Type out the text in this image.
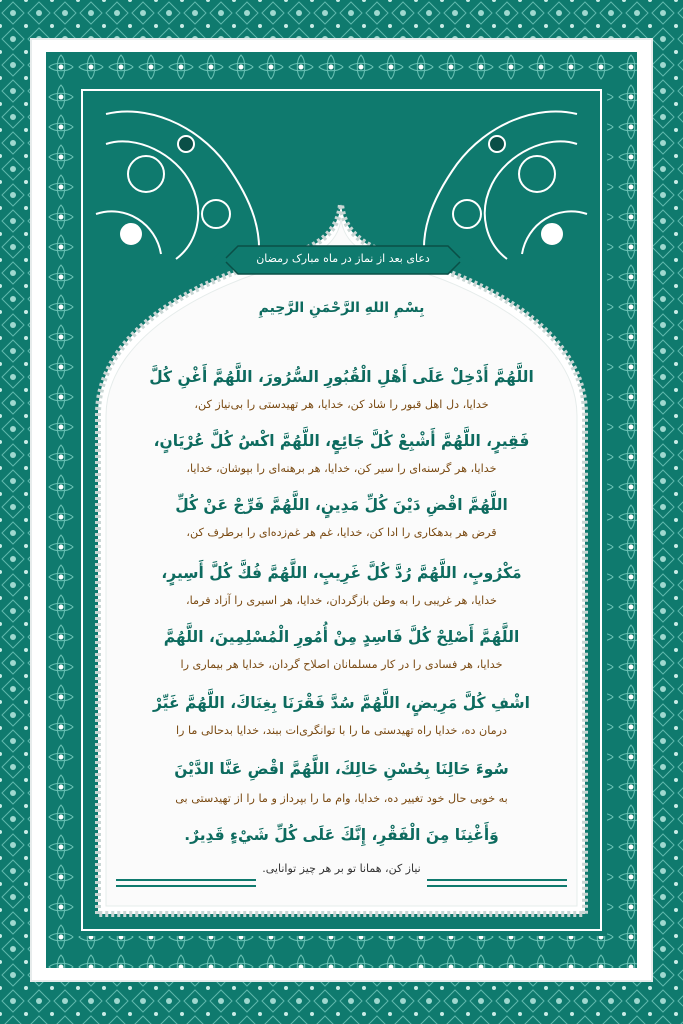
دعای بعد از نماز در ماه مبارک رمضان
بِسْمِ اللهِ الرَّحْمَنِ الرَّحِيمِ
اللَّهُمَّ أَدْخِلْ عَلَى أَهْلِ الْقُبُورِ السُّرُورَ، اللَّهُمَّ أَغْنِ كُلَّ
خدایا، دل اهل قبور را شاد کن، خدایا، هر تهیدستی را بی‌نیاز کن،
فَقِيرٍ، اللَّهُمَّ أَشْبِعْ كُلَّ جَائِعٍ، اللَّهُمَّ اكْسُ كُلَّ عُرْيَانٍ،
خدایا، هر گرسنه‌ای را سیر کن، خدایا، هر برهنه‌ای را بپوشان، خدایا،
اللَّهُمَّ اقْضِ دَيْنَ كُلِّ مَدِينٍ، اللَّهُمَّ فَرِّجْ عَنْ كُلِّ
قرض هر بدهکاری را ادا کن، خدایا، غم هر غم‌زده‌ای را برطرف کن،
مَكْرُوبٍ، اللَّهُمَّ رُدَّ كُلَّ غَرِيبٍ، اللَّهُمَّ فُكَّ كُلَّ أَسِيرٍ،
خدایا، هر غریبی را به وطن بازگردان، خدایا، هر اسیری را آزاد فرما،
اللَّهُمَّ أَصْلِحْ كُلَّ فَاسِدٍ مِنْ أُمُورِ الْمُسْلِمِينَ، اللَّهُمَّ
خدایا، هر فسادی را در کار مسلمانان اصلاح گردان، خدایا هر بیماری را
اشْفِ كُلَّ مَرِيضٍ، اللَّهُمَّ سُدَّ فَقْرَنَا بِغِنَاكَ، اللَّهُمَّ غَيِّرْ
درمان ده، خدایا راه تهیدستی ما را با توانگری‌ات ببند، خدایا بدحالی ما را
سُوءَ حَالِنَا بِحُسْنِ حَالِكَ، اللَّهُمَّ اقْضِ عَنَّا الدَّيْنَ
به خوبی حال خود تغییر ده، خدایا، وام ما را بپرداز و ما را از تهیدستی بی
وَأَغْنِنَا مِنَ الْفَقْرِ، إِنَّكَ عَلَى كُلِّ شَيْءٍ قَدِيرٌ.
نیاز کن، همانا تو بر هر چیز توانایی.
